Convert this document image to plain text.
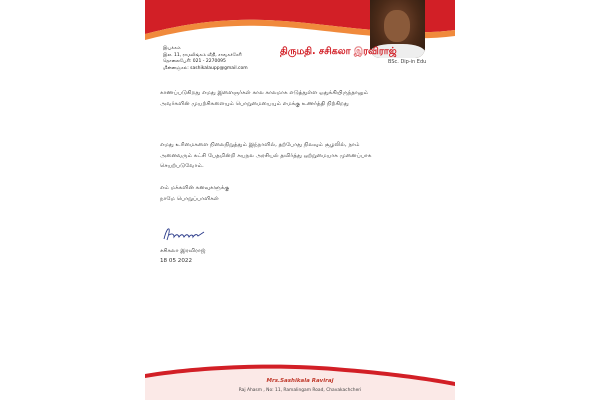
இயக்கம்
இல. 11, ராமலிங்கம் வீதி, சாவகச்சேரி
தொலைபேசி: 021 - 2270095
மின்னஞ்சல்: sashikalaupp@gmail.com
திருமதி. சசிகலா இரவிராஜ்
BSc. Dip-in Edu
காணப்படுகிறது எமது இளைஞர்கள் கால காலமாக எடுத்துள்ள ஒதுக்கியிருந்தாலும் அவர்களின் முயற்சிகளையும் பொறுமையையும் எமக்கு உணர்த்தி நிற்கிறது
எமது உரிமைகளை நிலைநிறுத்தும் இந்நாளில், தற்போது நிலவும் சூழலில், நாம் அனைவரும் கட்சி பேதமின்றி சுயநல அரசியல் தவிர்த்து ஒற்றுமையாக முனைப்பாக செயற்படுவோம்.
எம் மக்களின் கனவுகளுக்கு
நாமே பொறுப்பாளிகள்
சசிகலா இரவிராஜ்
18 05 2022
Mrs.Sashikala Raviraj
Raj Ahasm , No: 11, Ramalingam Road, Chavakachcheri
